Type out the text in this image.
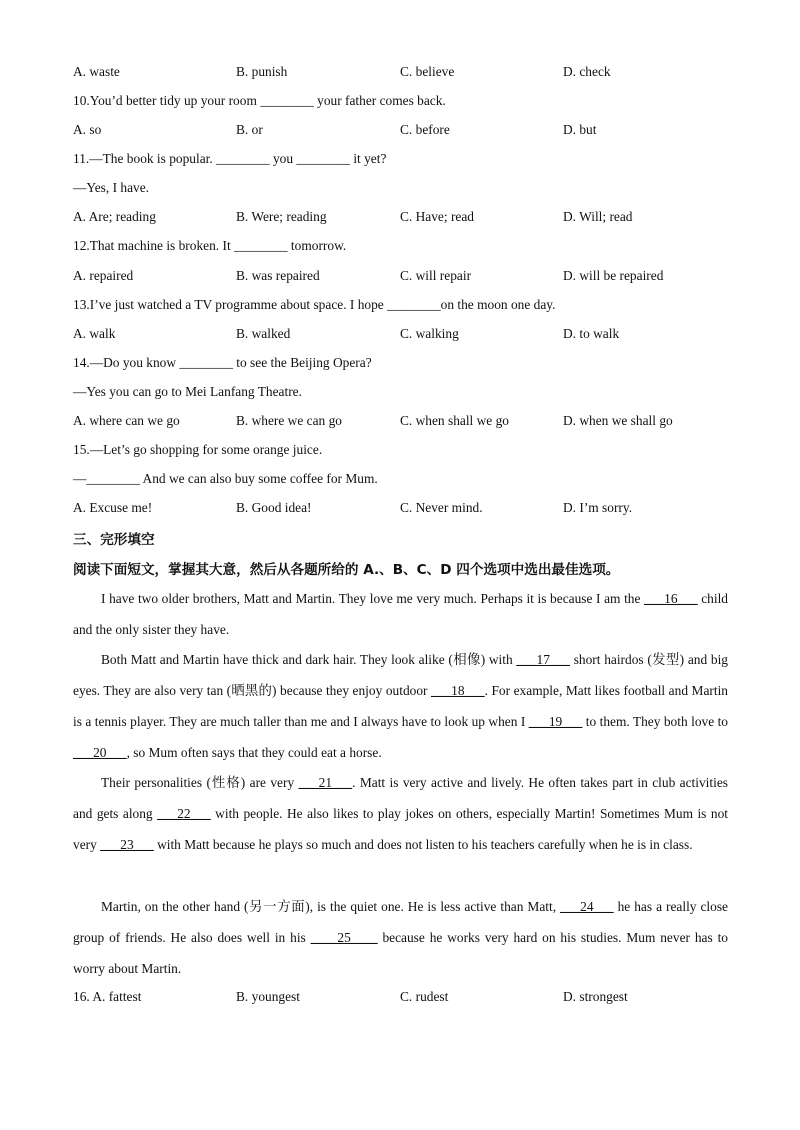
A. waste	B. punish	C. believe	D. check
10.You’d better tidy up your room ________ your father comes back.
A. so	B. or	C. before	D. but
11.—The book is popular. ________ you ________ it yet?
—Yes, I have.
A. Are; reading	B. Were; reading	C. Have; read	D. Will; read
12.That machine is broken. It ________ tomorrow.
A. repaired	B. was repaired	C. will repair	D. will be repaired
13.I’ve just watched a TV programme about space. I hope ________on the moon one day.
A. walk	B. walked	C. walking	D. to walk
14.—Do you know ________ to see the Beijing Opera?
—Yes you can go to Mei Lanfang Theatre.
A. where can we go	B. where we can go	C. when shall we go	D. when we shall go
15.—Let’s go shopping for some orange juice.
—________ And we can also buy some coffee for Mum.
A. Excuse me!	B. Good idea!	C. Never mind.	D. I’m sorry.
三、完形填空
阅读下面短文，掌握其大意，然后从各题所给的 A.、B、C、D 四个选项中选出最佳选项。
I have two older brothers, Matt and Martin. They love me very much. Perhaps it is because I am the ___16___ child and the only sister they have.
Both Matt and Martin have thick and dark hair. They look alike (相像) with ___17___ short hairdos (发型) and big eyes. They are also very tan (晒黑的) because they enjoy outdoor ___18___. For example, Matt likes football and Martin is a tennis player. They are much taller than me and I always have to look up when I ___19___ to them. They both love to ___20___, so Mum often says that they could eat a horse.
Their personalities (性格) are very ___21___. Matt is very active and lively. He often takes part in club activities and gets along ___22___ with people. He also likes to play jokes on others, especially Martin! Sometimes Mum is not very ___23___ with Matt because he plays so much and does not listen to his teachers carefully when he is in class.
Martin, on the other hand (另一方面), is the quiet one. He is less active than Matt, ___24___ he has a really close group of friends. He also does well in his ____25____ because he works very hard on his studies. Mum never has to worry about Martin.
16. A. fattest	B. youngest	C. rudest	D. strongest
